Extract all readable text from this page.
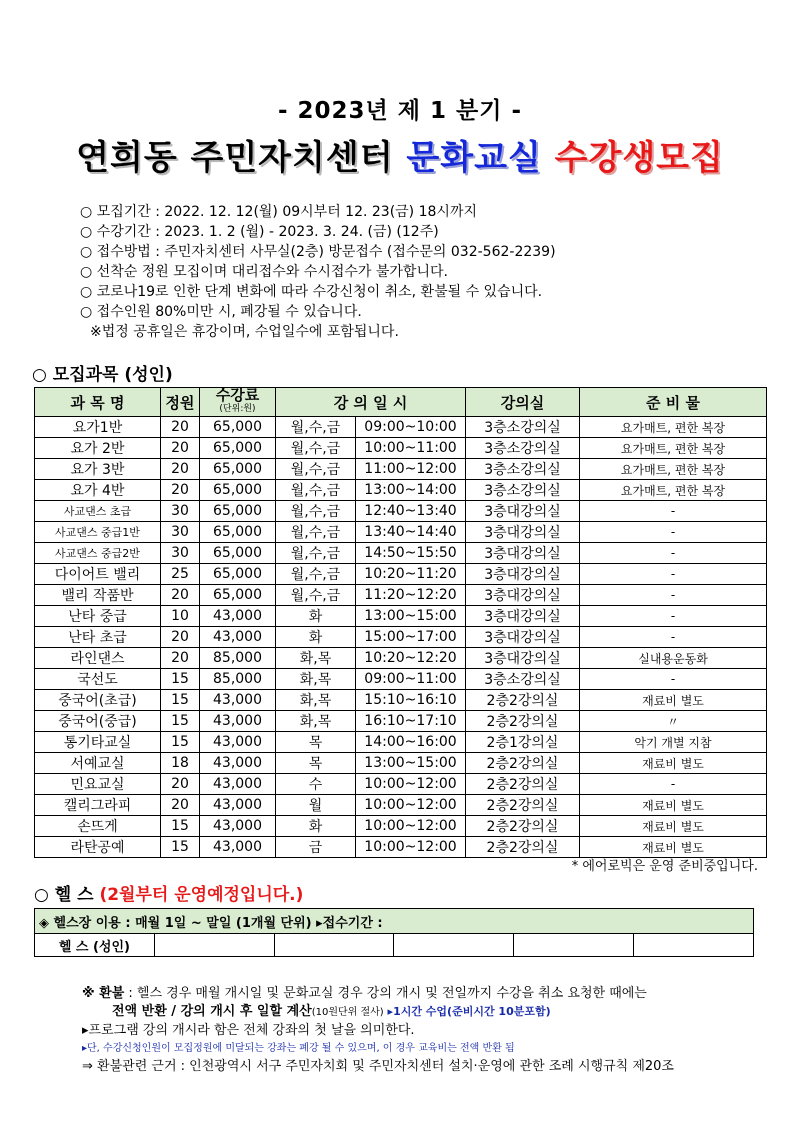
- 2023년 제 1 분기 -
연희동 주민자치센터 문화교실 수강생모집
○ 모집기간 : 2022. 12. 12(월) 09시부터 12. 23(금) 18시까지
○ 수강기간 : 2023. 1. 2 (월) - 2023. 3. 24. (금) (12주)
○ 접수방법 : 주민자치센터 사무실(2층) 방문접수 (접수문의 032-562-2239)
○ 선착순 정원 모집이며 대리접수와 수시접수가 불가합니다.
○ 코로나19로 인한 단계 변화에 따라 수강신청이 취소, 환불될 수 있습니다.
○ 접수인원 80%미만 시, 폐강될 수 있습니다.
※법정 공휴일은 휴강이며, 수업일수에 포함됩니다.
○ 모집과목 (성인)
과 목 명	정원	수강료
(단위:원)	강 의 일 시		강의실	준 비 물
요가1반	20	65,000	월,수,금	09:00~10:00	3층소강의실	요가매트, 편한 복장
요가 2반	20	65,000	월,수,금	10:00~11:00	3층소강의실	요가매트, 편한 복장
요가 3반	20	65,000	월,수,금	11:00~12:00	3층소강의실	요가매트, 편한 복장
요가 4반	20	65,000	월,수,금	13:00~14:00	3층소강의실	요가매트, 편한 복장
사교댄스 초급	30	65,000	월,수,금	12:40~13:40	3층대강의실	-
사교댄스 중급1반	30	65,000	월,수,금	13:40~14:40	3층대강의실	-
사교댄스 중급2반	30	65,000	월,수,금	14:50~15:50	3층대강의실	-
다이어트 밸리	25	65,000	월,수,금	10:20~11:20	3층대강의실	-
밸리 작품반	20	65,000	월,수,금	11:20~12:20	3층대강의실	-
난타 중급	10	43,000	화	13:00~15:00	3층대강의실	-
난타 초급	20	43,000	화	15:00~17:00	3층대강의실	-
라인댄스	20	85,000	화,목	10:20~12:20	3층대강의실	실내용운동화
국선도	15	85,000	화,목	09:00~11:00	3층소강의실	-
중국어(초급)	15	43,000	화,목	15:10~16:10	2층2강의실	재료비 별도
중국어(중급)	15	43,000	화,목	16:10~17:10	2층2강의실	〃
통기타교실	15	43,000	목	14:00~16:00	2층1강의실	악기 개별 지참
서예교실	18	43,000	목	13:00~15:00	2층2강의실	재료비 별도
민요교실	20	43,000	수	10:00~12:00	2층2강의실	-
캘리그라피	20	43,000	월	10:00~12:00	2층2강의실	재료비 별도
손뜨게	15	43,000	화	10:00~12:00	2층2강의실	재료비 별도
라탄공예	15	43,000	금	10:00~12:00	2층2강의실	재료비 별도
* 에어로빅은 운영 준비중입니다.
○ 헬 스 (2월부터 운영예정입니다.)
◈ 헬스장 이용 : 매월 1일 ~ 말일 (1개월 단위) ▸접수기간 :
헬 스 (성인)					
※ 환불 : 헬스 경우 매월 개시일 및 문화교실 경우 강의 개시 및 전일까지 수강을 취소 요청한 때에는
전액 반환 / 강의 개시 후 일할 계산(10원단위 절사) ▸1시간 수업(준비시간 10분포함)
▸프로그램 강의 개시라 함은 전체 강좌의 첫 날을 의미한다.
▸단, 수강신청인원이 모집정원에 미달되는 강좌는 폐강 될 수 있으며, 이 경우 교육비는 전액 반환 됨
⇒ 환불관련 근거 : 인천광역시 서구 주민자치회 및 주민자치센터 설치·운영에 관한 조례 시행규칙 제20조
